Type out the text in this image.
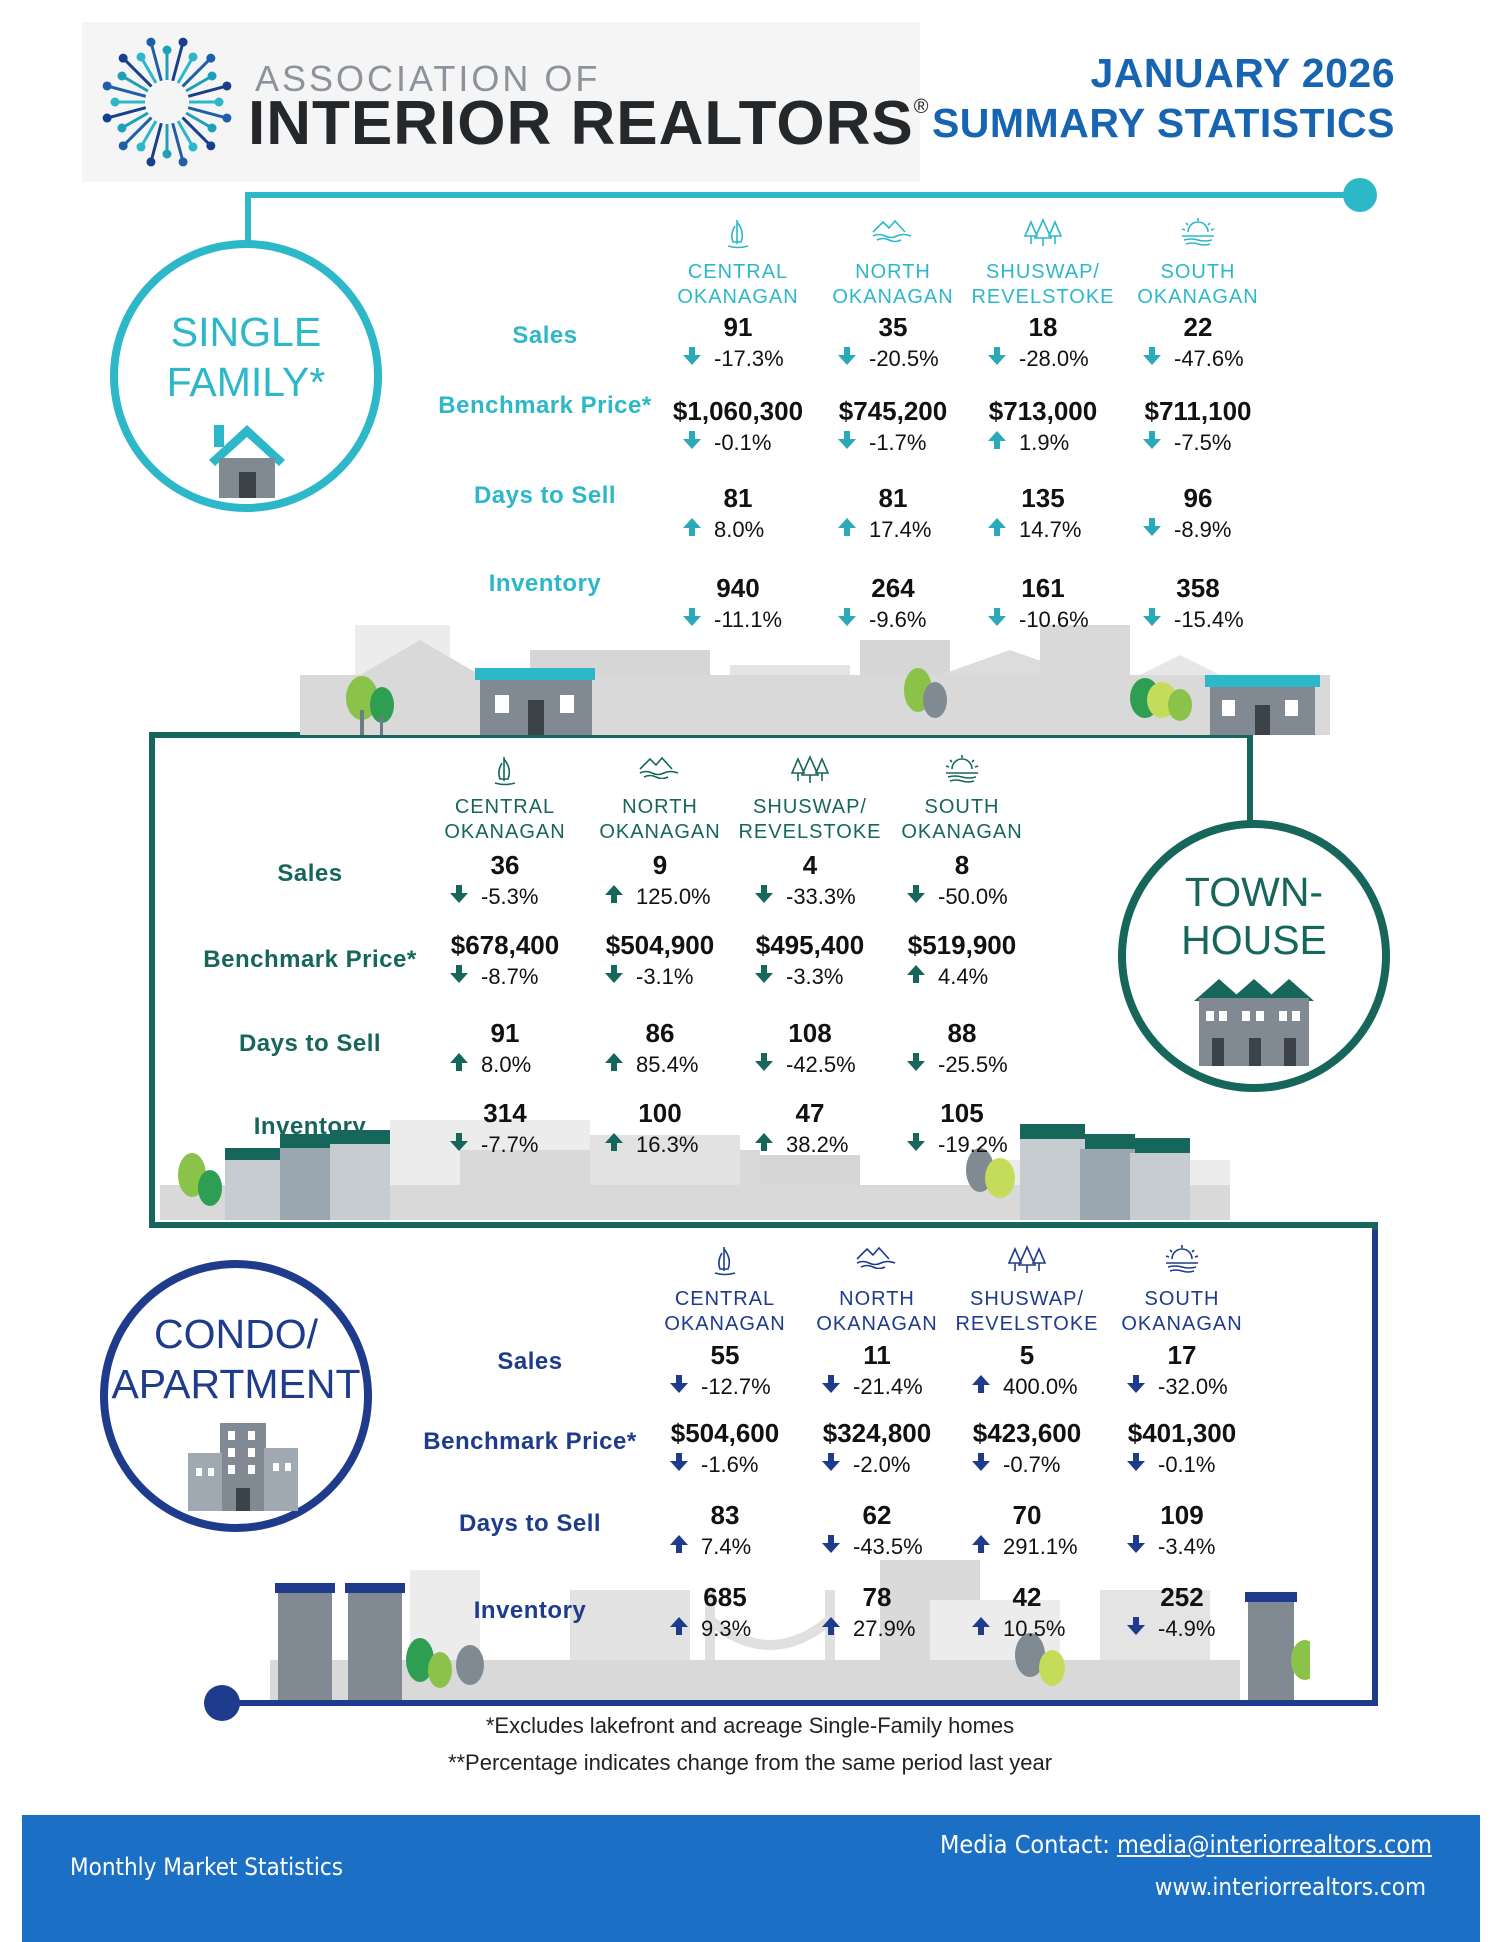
ASSOCIATION OF
INTERIOR REALTORS®
JANUARY 2026
SUMMARY STATISTICS
SINGLE
FAMILY*
TOWN-
HOUSE
CONDO/
APARTMENT
CENTRAL
OKANAGAN
NORTH
OKANAGAN
SHUSWAP/
REVELSTOKE
SOUTH
OKANAGAN
Sales	91
-17.3%
35
-20.5%
18
-28.0%
22
-47.6%
Benchmark Price* $1,060,300
-0.1%
$745,200
-1.7%
$713,000
1.9%
$711,100
-7.5%
Days to Sell	81
8.0%
81
17.4%
135
14.7%
96
-8.9%
Inventory	940
-11.1%
264
-9.6%
161
-10.6%
358
-15.4%
CENTRAL
OKANAGAN
NORTH
OKANAGAN
SHUSWAP/
REVELSTOKE
SOUTH
OKANAGAN
Sales	36
-5.3%
9
125.0%
4
-33.3%
8
-50.0%
Benchmark Price*	$678,400
-8.7%
$504,900
-3.1%
$495,400
-3.3%
$519,900
4.4%
Days to Sell	91
8.0%
86
85.4%
108
-42.5%
88
-25.5%
Inventory	314
-7.7%
100
16.3%
47
38.2%
105
-19.2%
CENTRAL
OKANAGAN
NORTH
OKANAGAN
SHUSWAP/
REVELSTOKE
SOUTH
OKANAGAN
Sales	55
-12.7%
11
-21.4%
5
400.0%
17
-32.0%
Benchmark Price*	$504,600
-1.6%
$324,800
-2.0%
$423,600
-0.7%
$401,300
-0.1%
Days to Sell	83
7.4%
62
-43.5%
70
291.1%
109
-3.4%
Inventory	685
9.3%
78
27.9%
42
10.5%
252
-4.9%
*Excludes lakefront and acreage Single-Family homes
**Percentage indicates change from the same period last year
Monthly Market Statistics
Media Contact: media@interiorrealtors.com
www.interiorrealtors.com
